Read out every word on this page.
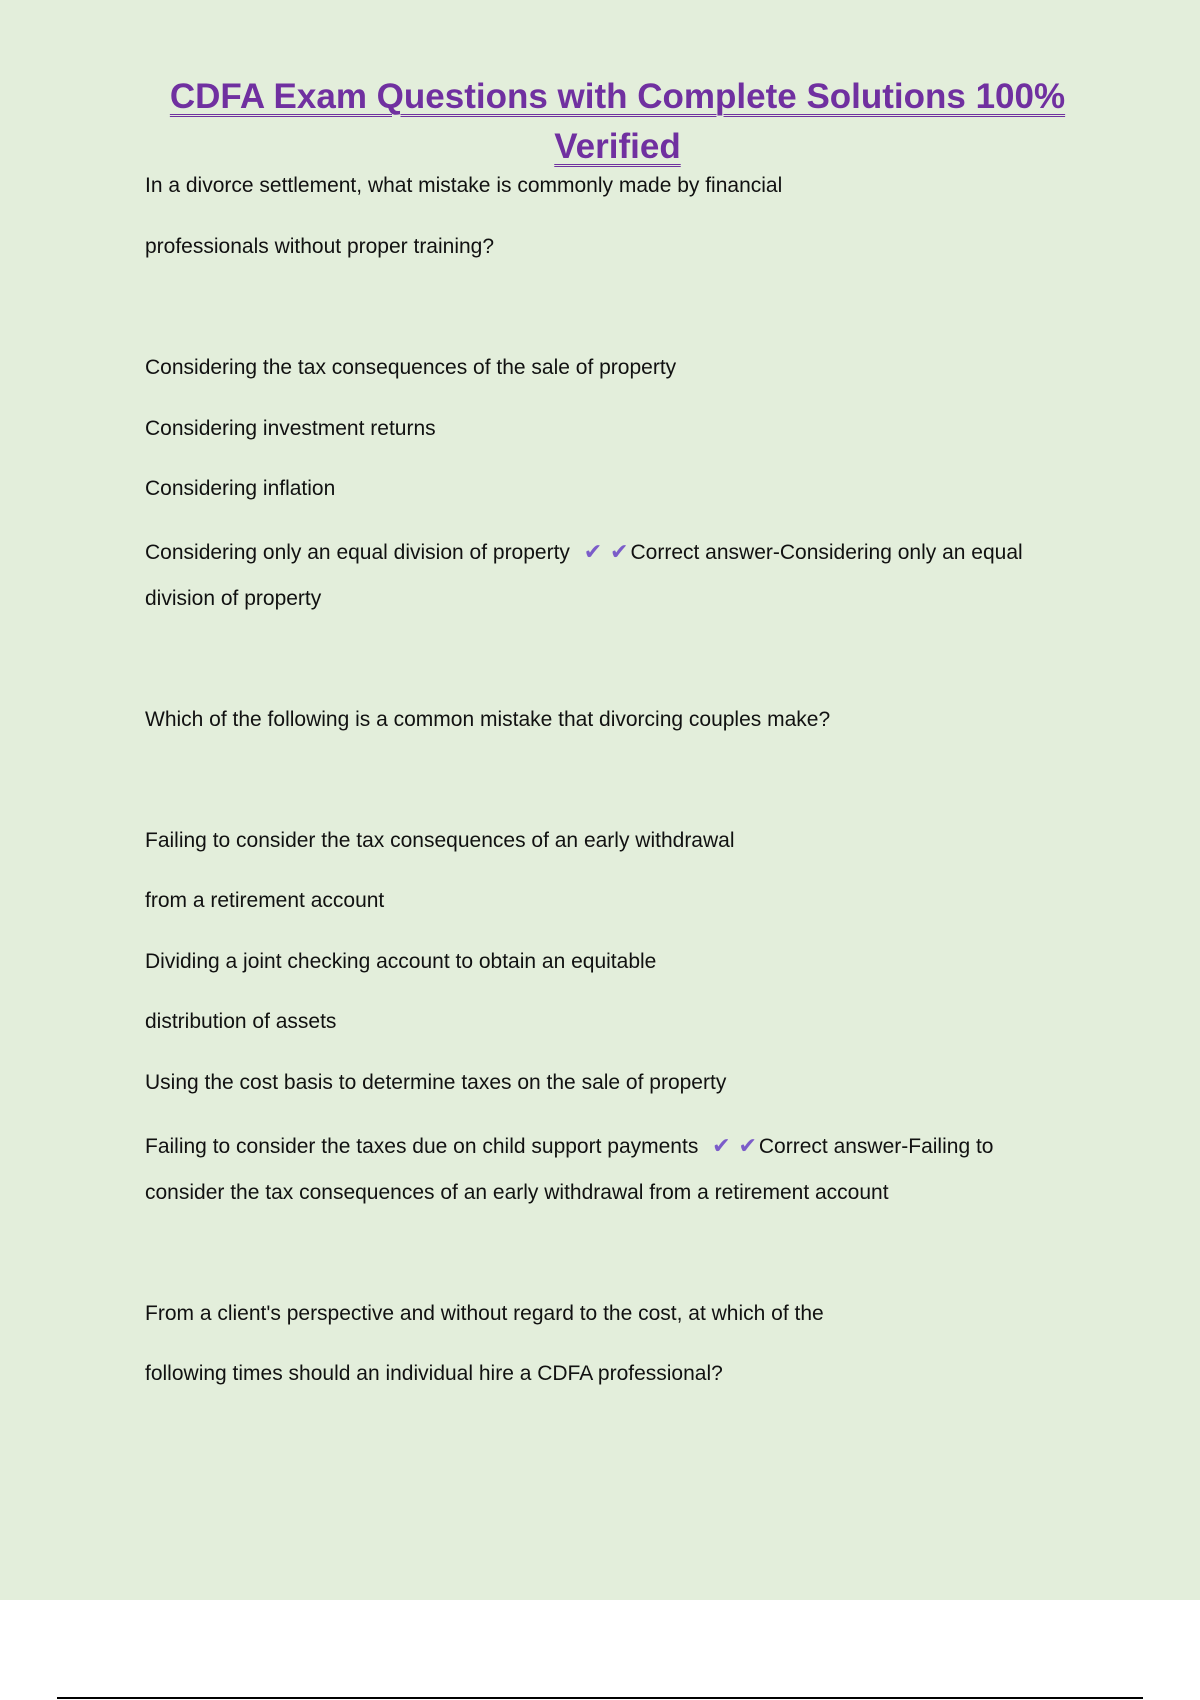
CDFA Exam Questions with Complete Solutions 100%
Verified
In a divorce settlement, what mistake is commonly made by financial
professionals without proper training?
Considering the tax consequences of the sale of property
Considering investment returns
Considering inflation
Considering only an equal division of property ✔ ✔Correct answer-Considering only an equal
division of property
Which of the following is a common mistake that divorcing couples make?
Failing to consider the tax consequences of an early withdrawal
from a retirement account
Dividing a joint checking account to obtain an equitable
distribution of assets
Using the cost basis to determine taxes on the sale of property
Failing to consider the taxes due on child support payments ✔ ✔Correct answer-Failing to
consider the tax consequences of an early withdrawal from a retirement account
From a client's perspective and without regard to the cost, at which of the
following times should an individual hire a CDFA professional?
